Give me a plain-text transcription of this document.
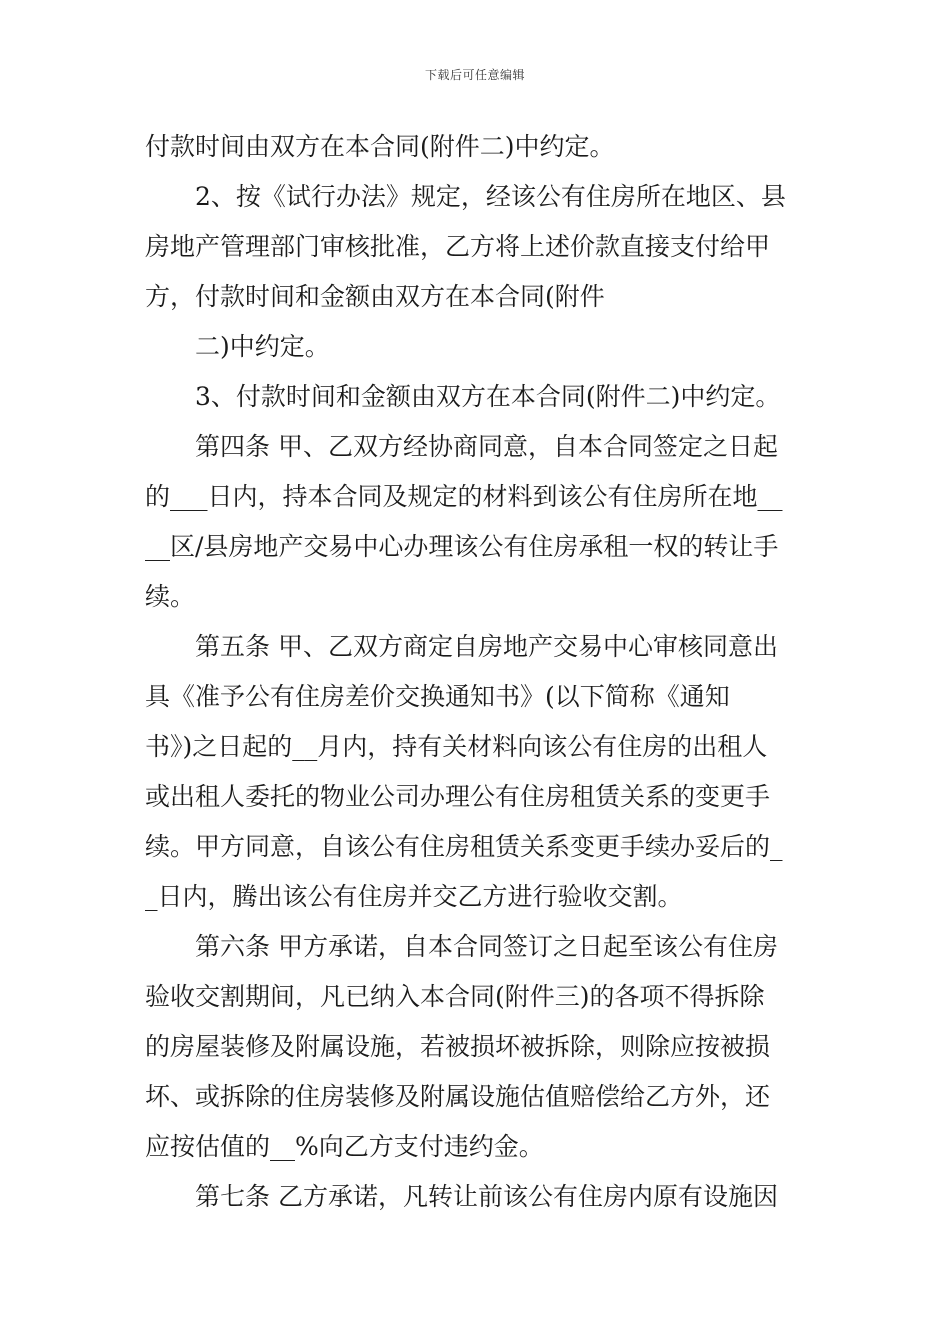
下载后可任意编辑
付款时间由双方在本合同(附件二)中约定。
2、按《试行办法》规定，经该公有住房所在地区、县
房地产管理部门审核批准，乙方将上述价款直接支付给甲
方，付款时间和金额由双方在本合同(附件
二)中约定。
3、付款时间和金额由双方在本合同(附件二)中约定。
第四条 甲、乙双方经协商同意，自本合同签定之日起
的___日内，持本合同及规定的材料到该公有住房所在地__
__区/县房地产交易中心办理该公有住房承租一权的转让手
续。
第五条 甲、乙双方商定自房地产交易中心审核同意出
具《准予公有住房差价交换通知书》(以下简称《通知
书》)之日起的__月内，持有关材料向该公有住房的出租人
或出租人委托的物业公司办理公有住房租赁关系的变更手
续。甲方同意，自该公有住房租赁关系变更手续办妥后的_
_日内，腾出该公有住房并交乙方进行验收交割。
第六条 甲方承诺，自本合同签订之日起至该公有住房
验收交割期间，凡已纳入本合同(附件三)的各项不得拆除
的房屋装修及附属设施，若被损坏被拆除，则除应按被损
坏、或拆除的住房装修及附属设施估值赔偿给乙方外，还
应按估值的__%向乙方支付违约金。
第七条 乙方承诺，凡转让前该公有住房内原有设施因
